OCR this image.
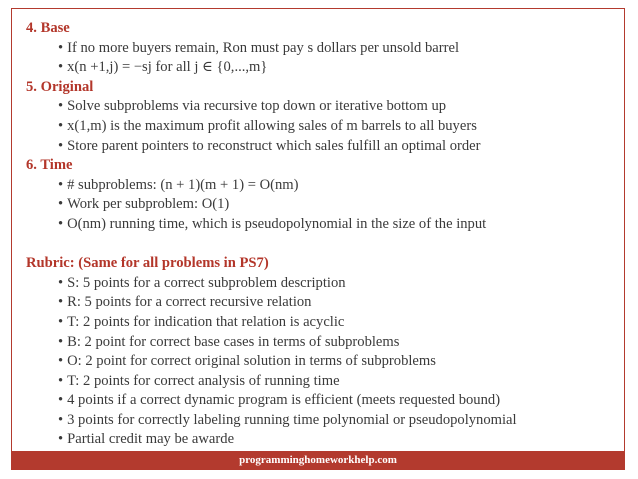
4. Base
• If no more buyers remain, Ron must pay s dollars per unsold barrel
• x(n +1,j) = −sj for all j ∈ {0,...,m}
5. Original
• Solve subproblems via recursive top down or iterative bottom up
• x(1,m) is the maximum profit allowing sales of m barrels to all buyers
• Store parent pointers to reconstruct which sales fulfill an optimal order
6. Time
• # subproblems: (n + 1)(m + 1) = O(nm)
• Work per subproblem: O(1)
• O(nm) running time, which is pseudopolynomial in the size of the input
Rubric: (Same for all problems in PS7)
• S: 5 points for a correct subproblem description
• R: 5 points for a correct recursive relation
• T: 2 points for indication that relation is acyclic
• B: 2 point for correct base cases in terms of subproblems
• O: 2 point for correct original solution in terms of subproblems
• T: 2 points for correct analysis of running time
• 4 points if a correct dynamic program is efficient (meets requested bound)
• 3 points for correctly labeling running time polynomial or pseudopolynomial
• Partial credit may be awarde
programminghomeworkhelp.com
